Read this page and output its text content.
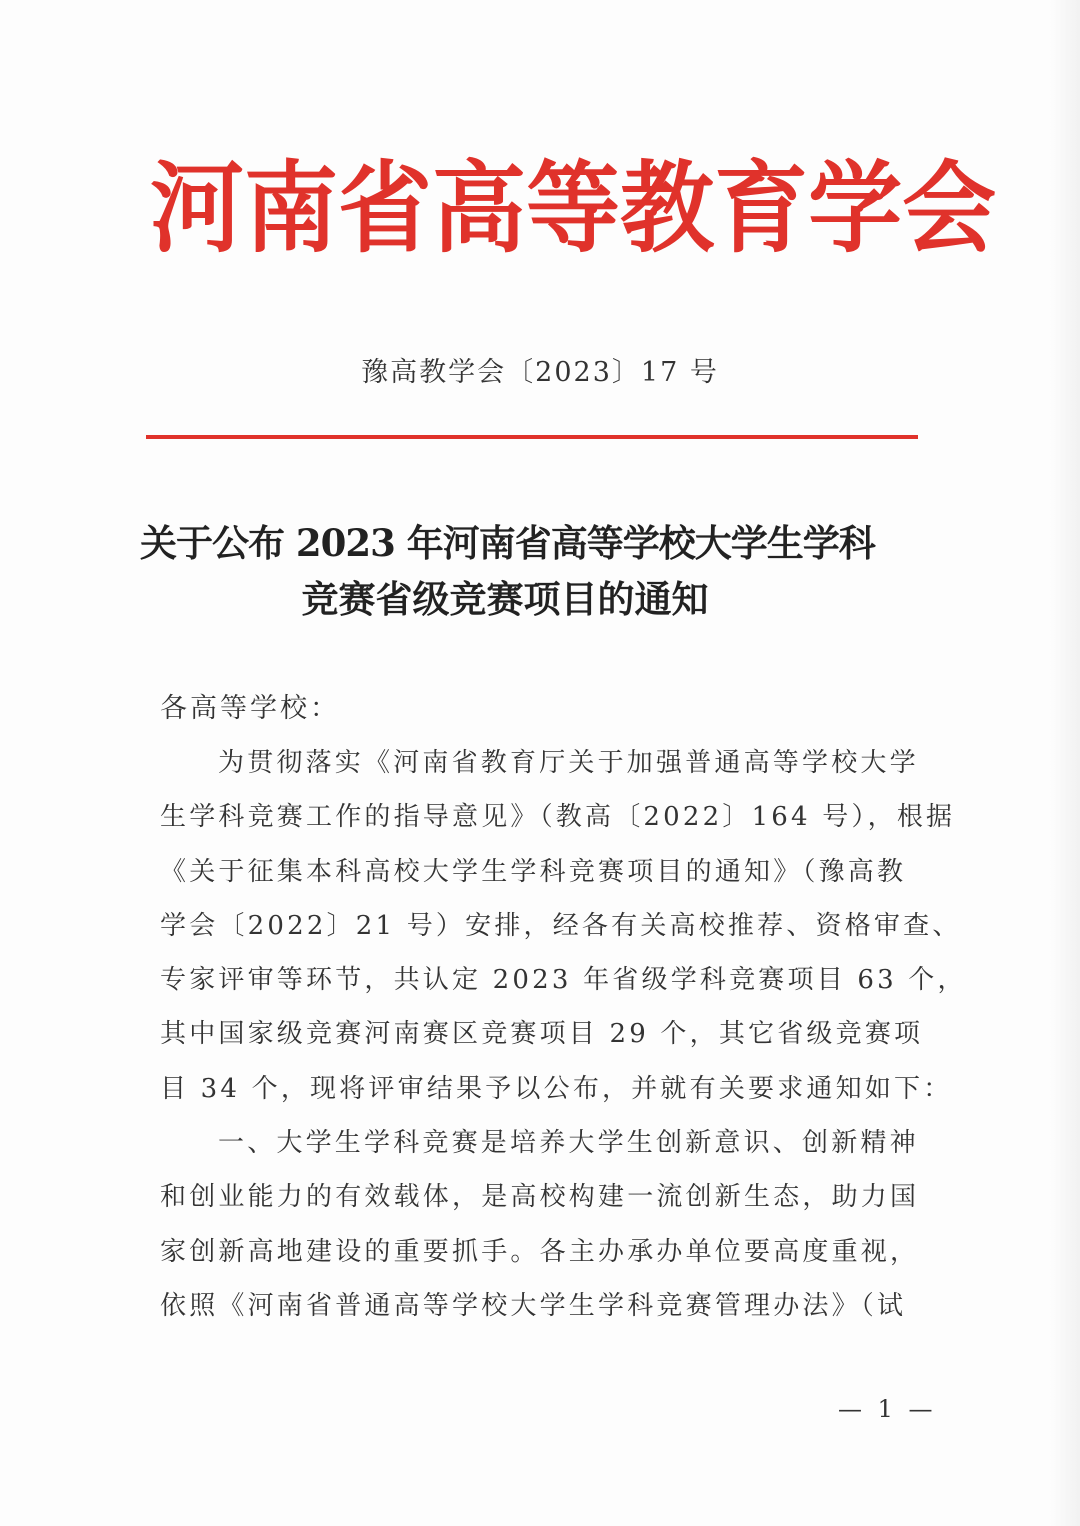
河 南 省 高 等 教 育 学 会
豫高教学会〔2023〕17 号
关于公布 2023 年河南省高等学校大学生学科
竞赛省级竞赛项目的通知
各高等学校：
为贯彻落实《河南省教育厅关于加强普通高等学校大学
生学科竞赛工作的指导意见》（教高〔2022〕164 号），根据
《关于征集本科高校大学生学科竞赛项目的通知》（豫高教
学会〔2022〕21 号）安排，经各有关高校推荐、资格审查、
专家评审等环节，共认定 2023 年省级学科竞赛项目 63 个，
其中国家级竞赛河南赛区竞赛项目 29 个，其它省级竞赛项
目 34 个，现将评审结果予以公布，并就有关要求通知如下：
一、大学生学科竞赛是培养大学生创新意识、创新精神
和创业能力的有效载体，是高校构建一流创新生态，助力国
家创新高地建设的重要抓手。各主办承办单位要高度重视，
依照《河南省普通高等学校大学生学科竞赛管理办法》（试
— 1 —
